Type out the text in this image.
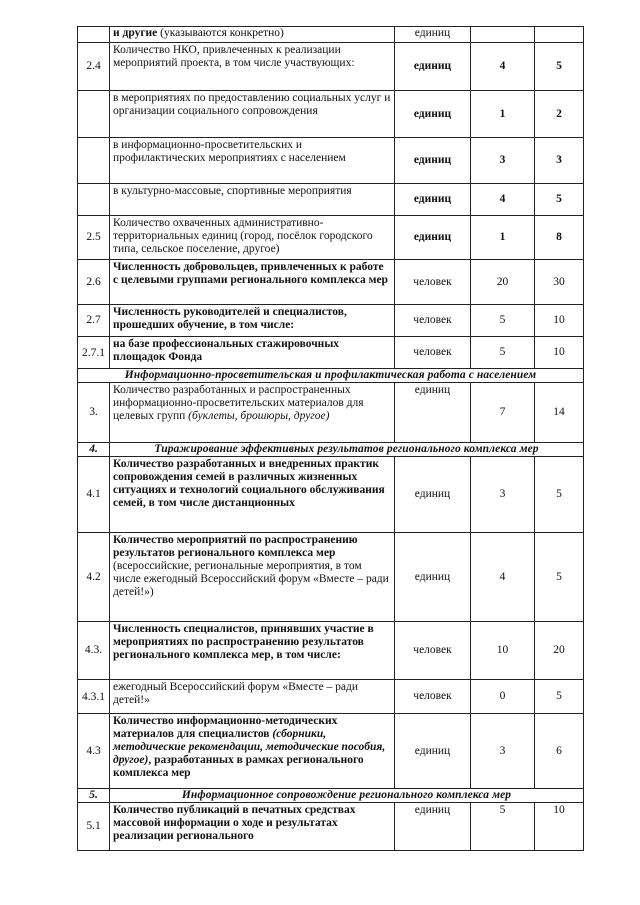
	и другие (указываются конкретно)	единиц		
2.4	Количество НКО, привлеченных к реализации мероприятий проекта, в том числе участвующих:	единиц	4	5
	в мероприятиях по предоставлению социальных услуг и организации социального сопровождения	единиц	1	2
	в информационно-просветительских и профилактических мероприятиях с населением	единиц	3	3
	в культурно-массовые, спортивные мероприятия	единиц	4	5
2.5	Количество охваченных административно-территориальных единиц (город, посёлок городского типа, сельское поселение, другое)	единиц	1	8
2.6	Численность добровольцев, привлеченных к работе с целевыми группами регионального комплекса мер	человек	20	30
2.7	Численность руководителей и специалистов, прошедших обучение, в том числе:	человек	5	10
2.7.1	на базе профессиональных стажировочных площадок Фонда	человек	5	10
Информационно-просветительская и профилактическая работа с населением				
3.	Количество разработанных и распространенных информационно-просветительских материалов для целевых групп (буклеты, брошюры, другое)	единиц	7	14
4.	Тиражирование эффективных результатов регионального комплекса мер			
4.1	Количество разработанных и внедренных практик сопровождения семей в различных жизненных ситуациях и технологий социального обслуживания семей, в том числе дистанционных	единиц	3	5
4.2	Количество мероприятий по распространению результатов регионального комплекса мер (всероссийские, региональные мероприятия, в том числе ежегодный Всероссийский форум «Вместе – ради детей!»)	единиц	4	5
4.3.	Численность специалистов, принявших участие в мероприятиях по распространению результатов регионального комплекса мер, в том числе:	человек	10	20
4.3.1	ежегодный Всероссийский форум «Вместе – ради детей!»	человек	0	5
4.3	Количество информационно-методических материалов для специалистов (сборники, методические рекомендации, методические пособия, другое), разработанных в рамках регионального комплекса мер	единиц	3	6
5.	Информационное сопровождение регионального комплекса мер			
5.1	Количество публикаций в печатных средствах массовой информации о ходе и результатах реализации регионального	единиц	5	10
